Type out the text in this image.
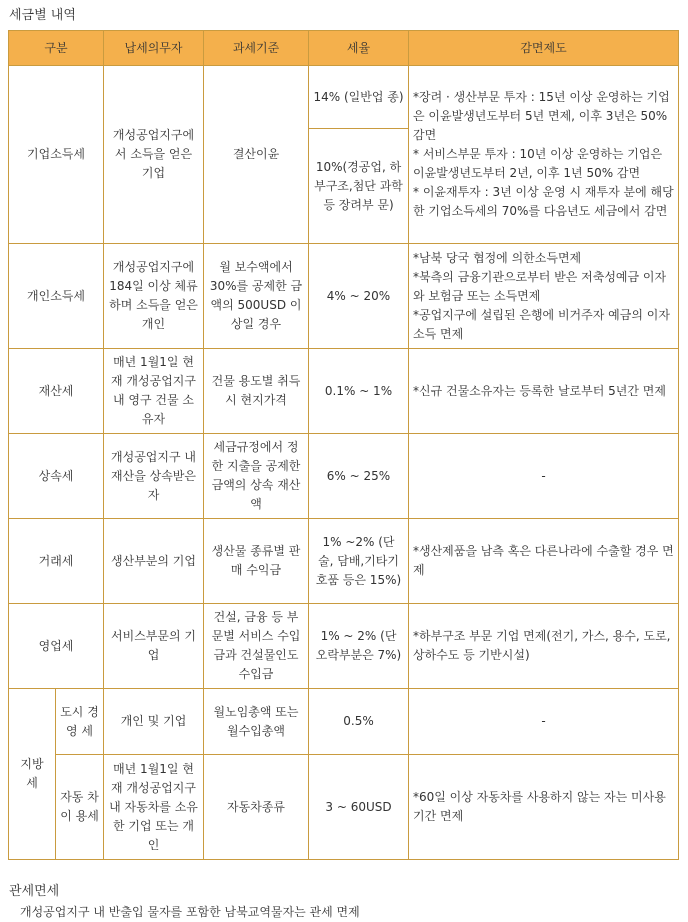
세금별 내역
구분		납세의무자	과세기준	세율	감면제도
기업소득세		개성공업지구에 서 소득을 얻은 기업	결산이윤	14% (일반업 종)	*장려 · 생산부문 투자 : 15년 이상 운영하는 기업은 이윤발생년도부터 5년 면제, 이후 3년은 50% 감면
* 서비스부문 투자 : 10년 이상 운영하는 기업은 이윤발생년도부터 2년, 이후 1년 50% 감면
* 이윤재투자 : 3년 이상 운영 시 재투자 분에 해당한 기업소득세의 70%를 다음년도 세금에서 감면

				10%(경공업, 하부구조,첨단 과학 등 장려부 문)	
개인소득세		개성공업지구에 184일 이상 체류하며 소득을 얻은 개인	월 보수액에서 30%를 공제한 금액의 500USD 이상일 경우	4% ~ 20%	*남북 당국 협정에 의한소득면제
*북측의 금융기관으로부터 받은 저축성예금 이자와 보험금 또는 소득면제
*공업지구에 설립된 은행에 비거주자 예금의 이자소득 면제

재산세		매년 1월1일 현재 개성공업지구 내 영구 건물 소유자	건물 용도별 취득 시 현지가격	0.1% ~ 1%	*신규 건물소유자는 등록한 날로부터 5년간 면제

상속세		개성공업지구 내 재산을 상속받은 자	세금규정에서 정한 지출을 공제한 금액의 상속 재산액	6% ~ 25%	-

거래세		생산부분의 기업	생산물 종류별 판매 수익금	1% ~2% (단 술, 담배,기타기호품 등은 15%)	*생산제품을 남측 혹은 다른나라에 수출할 경우 면제

영업세		서비스부문의 기업	건설, 금융 등 부문별 서비스 수입금과 건설물인도 수입금	1% ~ 2% (단 오락부분은 7%)	*하부구조 부문 기업 면제(전기, 가스, 용수, 도로, 상하수도 등 기반시설)

지방 세	도시 경영 세	개인 및 기업	월노임총액 또는 월수입총액	0.5%	-

	자동 차이 용세	매년 1월1일 현재 개성공업지구내 자동차를 소유한 기업 또는 개인	자동차종류	3 ~ 60USD	*60일 이상 자동차를 사용하지 않는 자는 미사용 기간 면제
관세면세
개성공업지구 내 반출입 물자를 포함한 남북교역물자는 관세 면제
